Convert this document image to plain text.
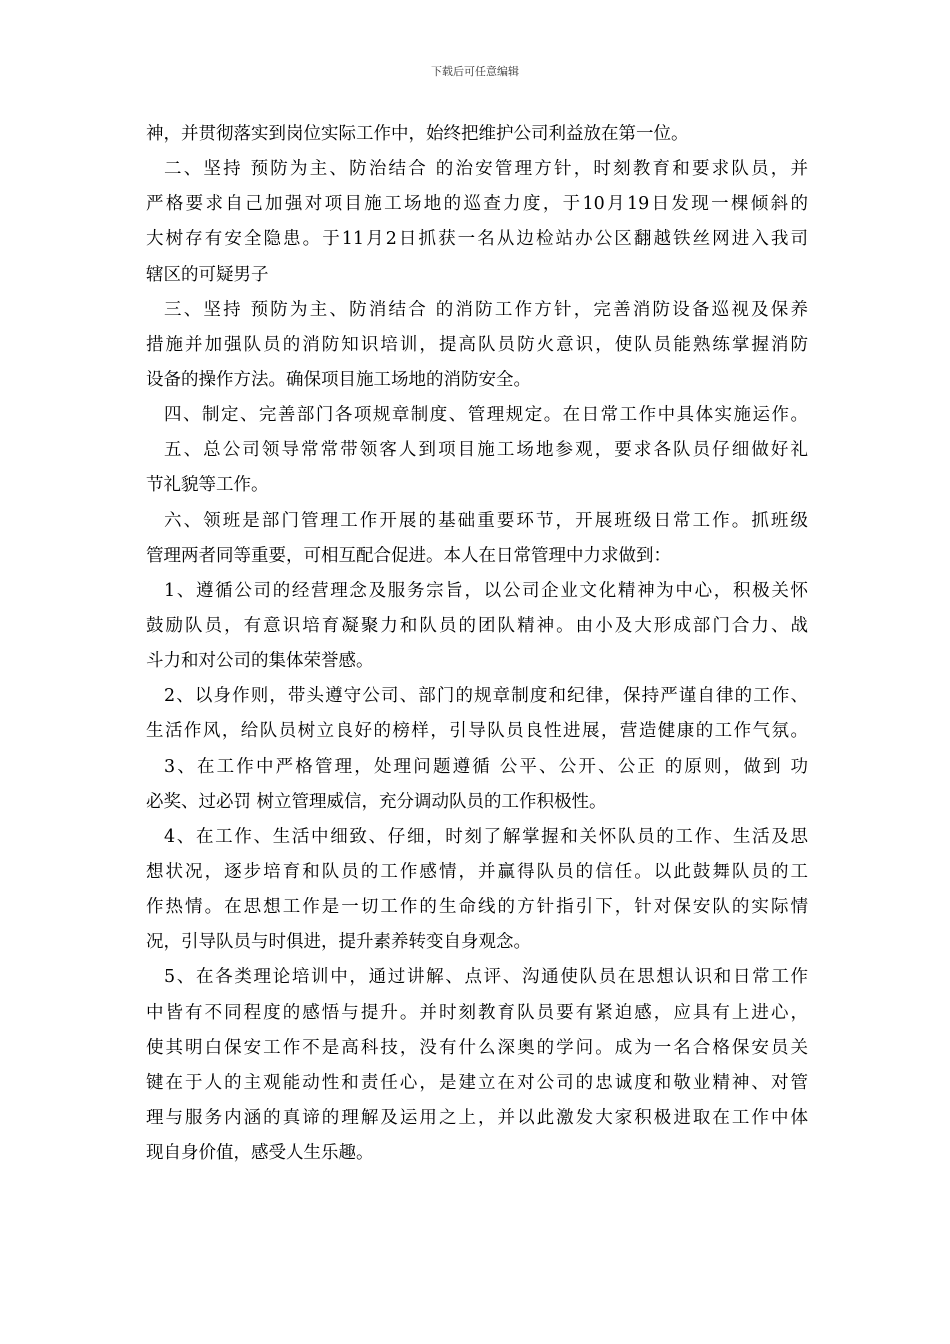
下载后可任意编辑
神，并贯彻落实到岗位实际工作中，始终把维护公司利益放在第一位。
二、坚持 预防为主、防治结合 的治安管理方针，时刻教育和要求队员，并
严格要求自己加强对项目施工场地的巡查力度，于10月19日发现一棵倾斜的
大树存有安全隐患。于11月2日抓获一名从边检站办公区翻越铁丝网进入我司
辖区的可疑男子
三、坚持 预防为主、防消结合 的消防工作方针，完善消防设备巡视及保养
措施并加强队员的消防知识培训，提高队员防火意识，使队员能熟练掌握消防
设备的操作方法。确保项目施工场地的消防安全。
四、制定、完善部门各项规章制度、管理规定。在日常工作中具体实施运作。
五、总公司领导常常带领客人到项目施工场地参观，要求各队员仔细做好礼
节礼貌等工作。
六、领班是部门管理工作开展的基础重要环节，开展班级日常工作。抓班级
管理两者同等重要，可相互配合促进。本人在日常管理中力求做到：
1、遵循公司的经营理念及服务宗旨，以公司企业文化精神为中心，积极关怀
鼓励队员，有意识培育凝聚力和队员的团队精神。由小及大形成部门合力、战
斗力和对公司的集体荣誉感。
2、以身作则，带头遵守公司、部门的规章制度和纪律，保持严谨自律的工作、
生活作风，给队员树立良好的榜样，引导队员良性进展，营造健康的工作气氛。
3、在工作中严格管理，处理问题遵循 公平、公开、公正 的原则，做到 功
必奖、过必罚 树立管理威信，充分调动队员的工作积极性。
4、在工作、生活中细致、仔细，时刻了解掌握和关怀队员的工作、生活及思
想状况，逐步培育和队员的工作感情，并赢得队员的信任。以此鼓舞队员的工
作热情。在思想工作是一切工作的生命线的方针指引下，针对保安队的实际情
况，引导队员与时俱进，提升素养转变自身观念。
5、在各类理论培训中，通过讲解、点评、沟通使队员在思想认识和日常工作
中皆有不同程度的感悟与提升。并时刻教育队员要有紧迫感，应具有上进心，
使其明白保安工作不是高科技，没有什么深奥的学问。成为一名合格保安员关
键在于人的主观能动性和责任心，是建立在对公司的忠诚度和敬业精神、对管
理与服务内涵的真谛的理解及运用之上，并以此激发大家积极进取在工作中体
现自身价值，感受人生乐趣。
